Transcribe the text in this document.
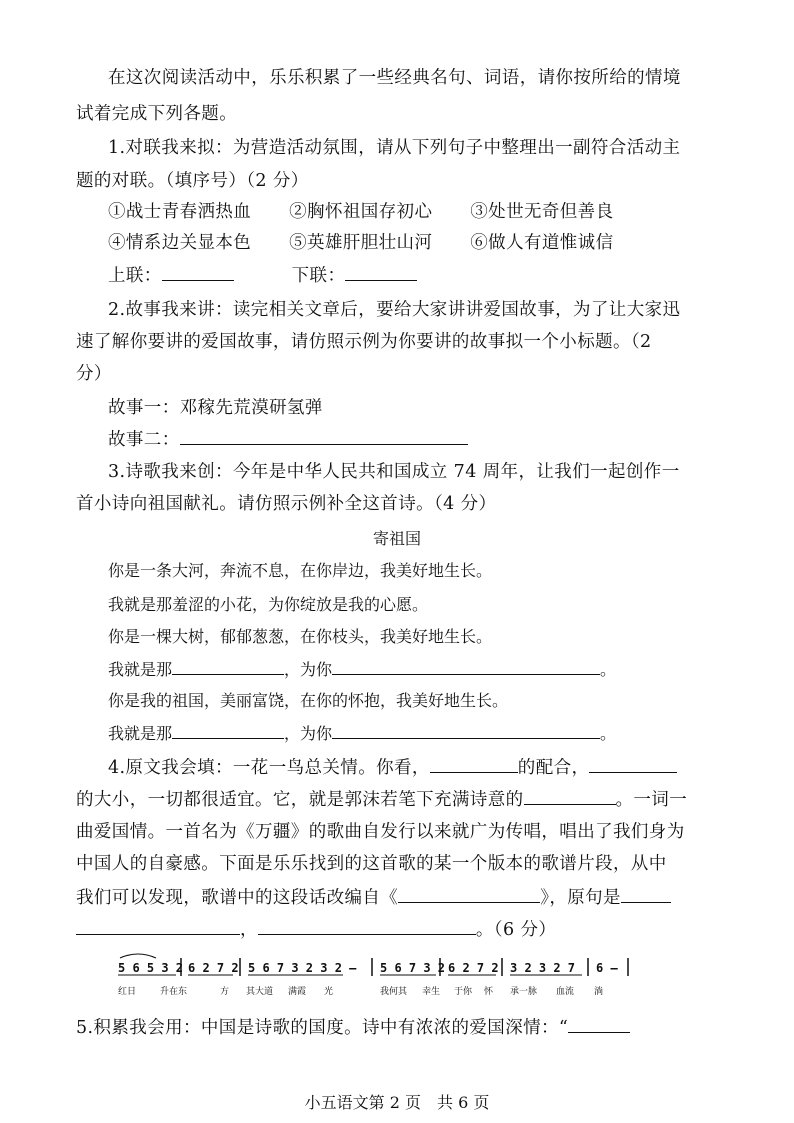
在这次阅读活动中，乐乐积累了一些经典名句、词语，请你按所给的情境
试着完成下列各题。
1.对联我来拟：为营造活动氛围，请从下列句子中整理出一副符合活动主
题的对联。（填序号）（2 分）
①战士青春洒热血 ②胸怀祖国存初心 ③处世无奇但善良
④情系边关显本色 ⑤英雄肝胆壮山河 ⑥做人有道惟诚信
上联：	下联：
2.故事我来讲：读完相关文章后，要给大家讲讲爱国故事，为了让大家迅
速了解你要讲的爱国故事，请仿照示例为你要讲的故事拟一个小标题。（2
分）
故事一：邓稼先荒漠研氢弹
故事二：
3.诗歌我来创：今年是中华人民共和国成立 74 周年，让我们一起创作一
首小诗向祖国献礼。请仿照示例补全这首诗。（4 分）
寄祖国
你是一条大河，奔流不息，在你岸边，我美好地生长。
我就是那羞涩的小花，为你绽放是我的心愿。
你是一棵大树，郁郁葱葱，在你枝头，我美好地生长。
我就是那	，为你	。
你是我的祖国，美丽富饶，在你的怀抱，我美好地生长。
我就是那	，为你	。
4.原文我会填：一花一鸟总关情。你看，	的配合，
的大小，一切都很适宜。它，就是郭沫若笔下充满诗意的	。一词一
曲爱国情。一首名为《万疆》的歌曲自发行以来就广为传唱，唱出了我们身为
中国人的自豪感。下面是乐乐找到的这首歌的某一个版本的歌谱片段，从中
我们可以发现，歌谱中的这段话改编自《	》，原句是
，	。（6 分）
5 6 5 3 2 6 2 7 2 5 6 7 3 2 3 2 – 5 6 7 3 2 6 2 7 2 3 2 3 2 7 6 –
红日	升在东	方 其大道 满霞 光	我何其 幸生 于你 怀 承一脉 血流 淌
5.积累我会用：中国是诗歌的国度。诗中有浓浓的爱国深情：“
小五语文第 2 页　共 6 页
